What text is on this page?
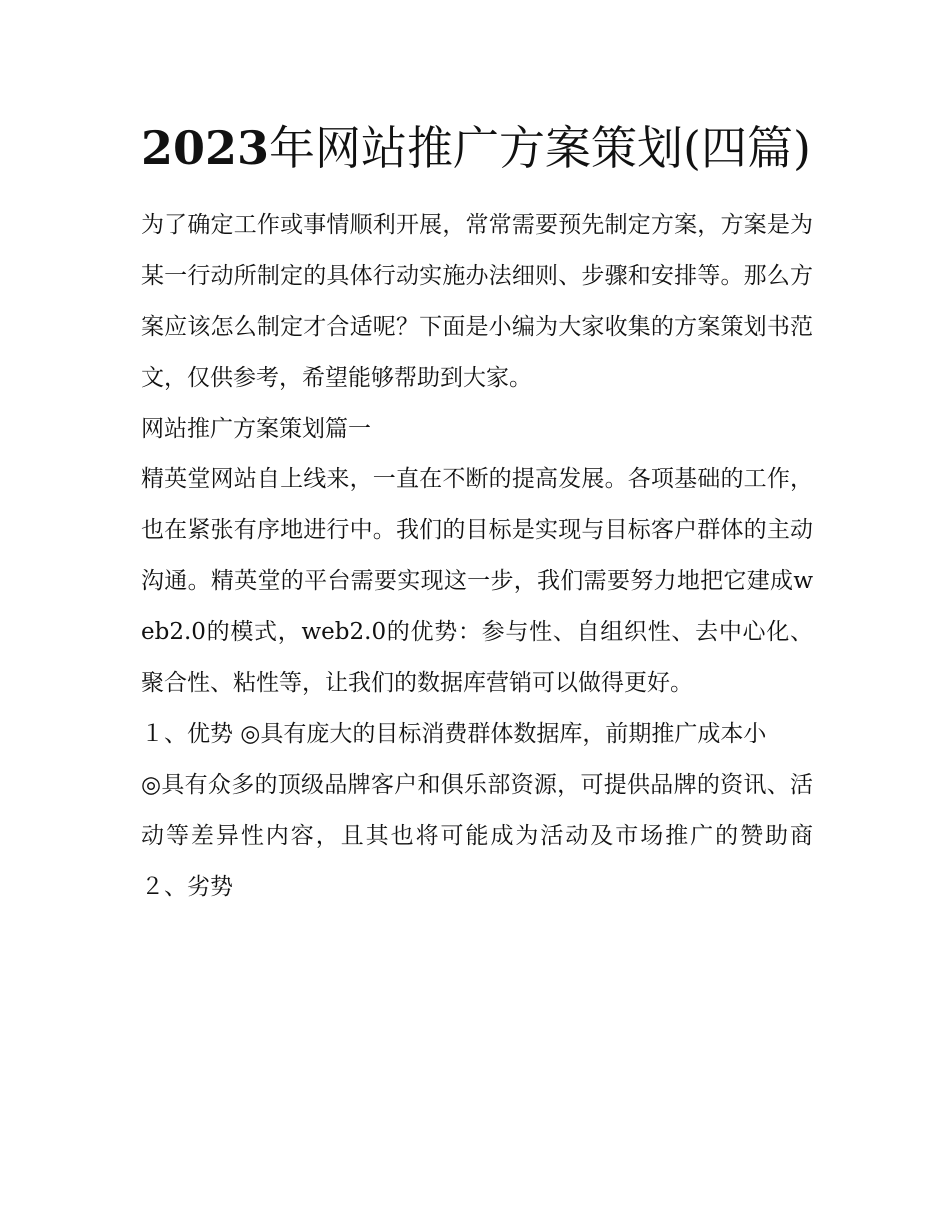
2023年网站推广方案策划(四篇)

为了确定工作或事情顺利开展，常常需要预先制定方案，方案是为某一行动所制定的具体行动实施办法细则、步骤和安排等。那么方案应该怎么制定才合适呢？下面是小编为大家收集的方案策划书范文，仅供参考，希望能够帮助到大家。

网站推广方案策划篇一

精英堂网站自上线来，一直在不断的提高发展。各项基础的工作，也在紧张有序地进行中。我们的目标是实现与目标客户群体的主动沟通。精英堂的平台需要实现这一步，我们需要努力地把它建成web2.0的模式，web2.0的优势：参与性、自组织性、去中心化、聚合性、粘性等，让我们的数据库营销可以做得更好。

１、优势 ◎具有庞大的目标消费群体数据库，前期推广成本小

◎具有众多的顶级品牌客户和俱乐部资源，可提供品牌的资讯、活动等差异性内容，且其也将可能成为活动及市场推广的赞助商 ２、劣势
